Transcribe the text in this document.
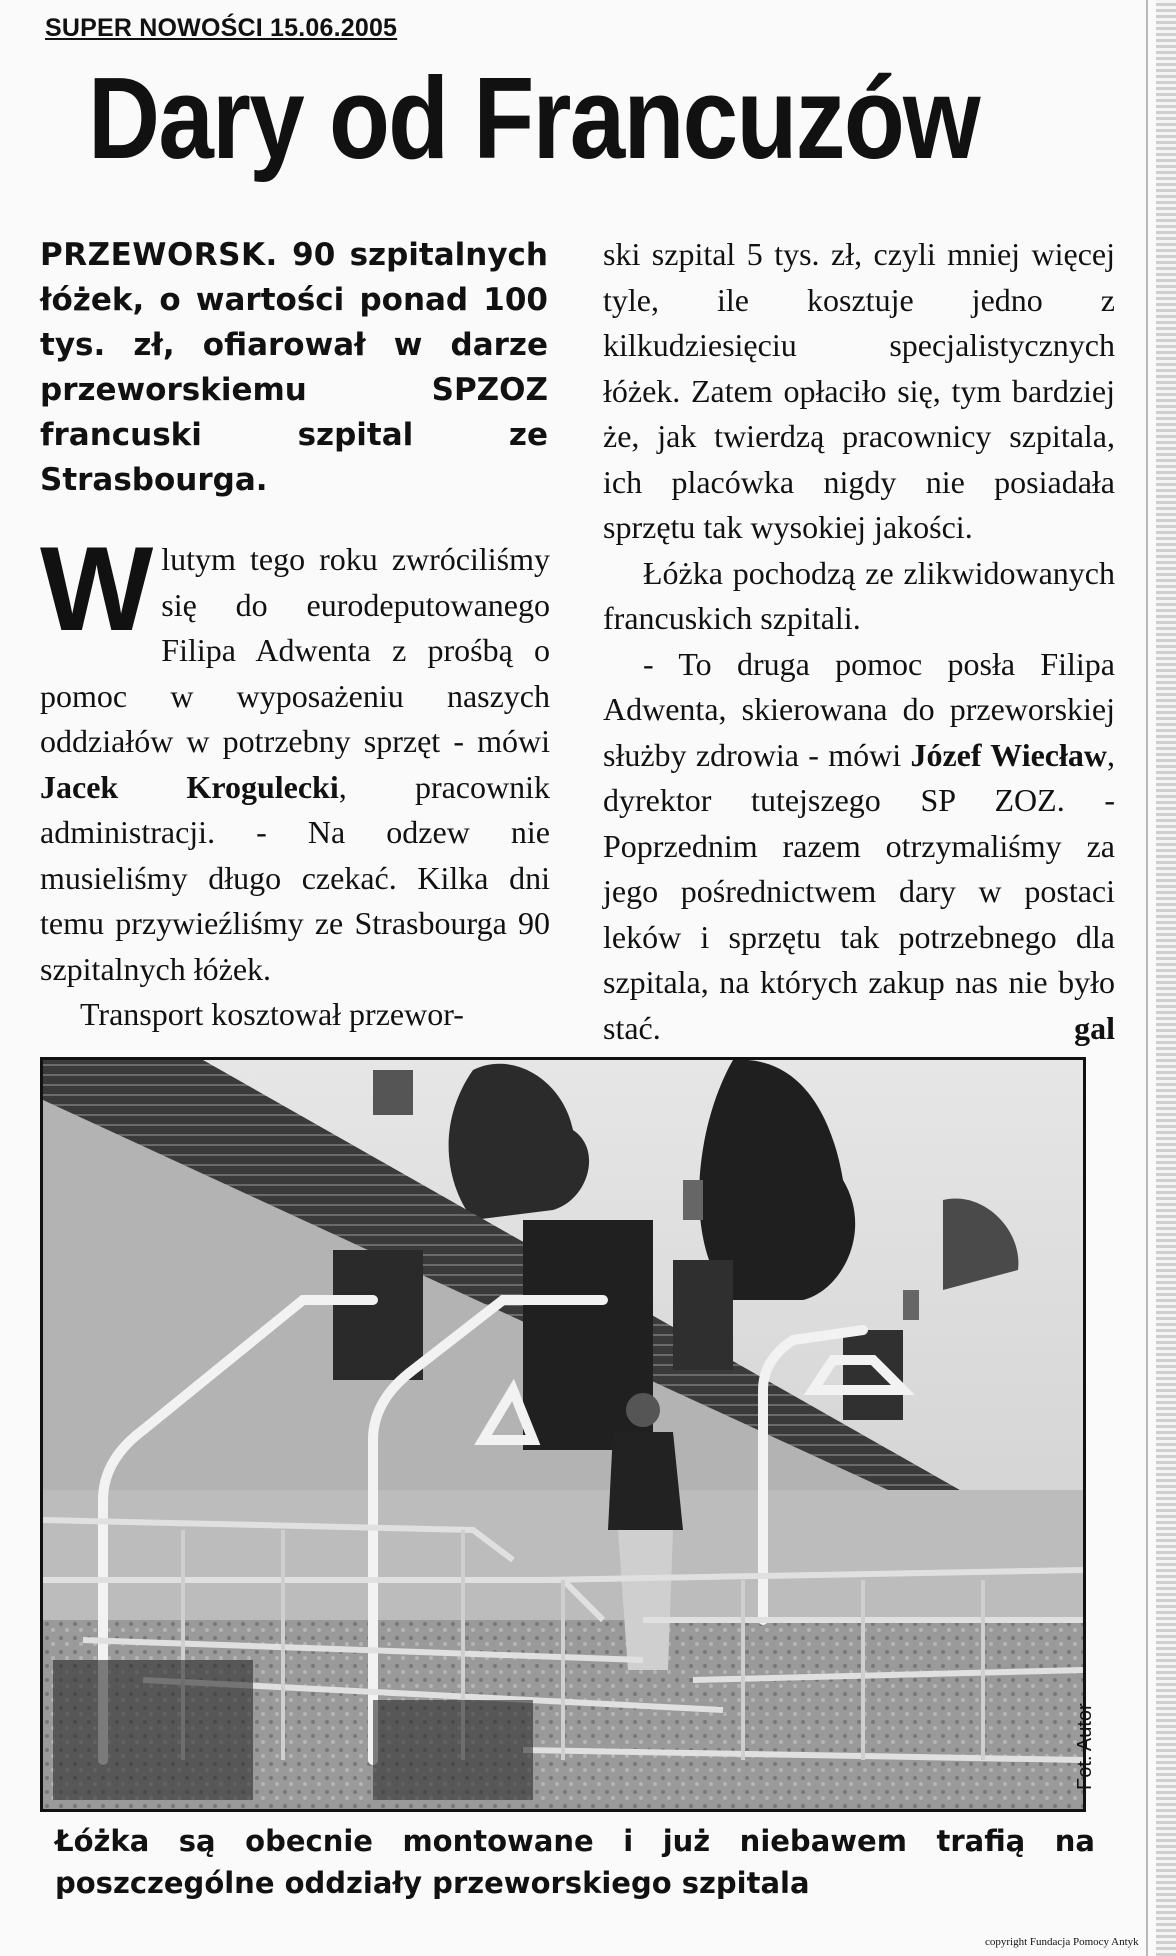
SUPER NOWOŚCI 15.06.2005
Dary od Francuzów
PRZEWORSK. 90 szpitalnych łóżek, o wartości ponad 100 tys. zł, ofiarował w darze przeworskiemu SPZOZ francuski szpital ze Strasbourga.

W lutym tego roku zwróciliśmy się do eurodeputowanego Filipa Adwenta z prośbą o pomoc w wyposażeniu naszych oddziałów w potrzebny sprzęt - mówi Jacek Krogulecki, pracownik administracji. - Na odzew nie musieliśmy długo czekać. Kilka dni temu przywieźliśmy ze Strasbourga 90 szpitalnych łóżek.

Transport kosztował przewor-

ski szpital 5 tys. zł, czyli mniej więcej tyle, ile kosztuje jedno z kilkudziesięciu specjalistycznych łóżek. Zatem opłaciło się, tym bardziej że, jak twierdzą pracownicy szpitala, ich placówka nigdy nie posiadała sprzętu tak wysokiej jakości.

Łóżka pochodzą ze zlikwidowanych francuskich szpitali.

- To druga pomoc posła Filipa Adwenta, skierowana do przeworskiej służby zdrowia - mówi Józef Wiecław, dyrektor tutejszego SP ZOZ. - Poprzednim razem otrzymaliśmy za jego pośrednictwem dary w postaci leków i sprzętu tak potrzebnego dla szpitala, na których zakup nas nie było stać.	gal

Fot. Autor
Łóżka są obecnie montowane i już niebawem trafią na poszczególne oddziały przeworskiego szpitala
copyright Fundacja Pomocy Antyk
